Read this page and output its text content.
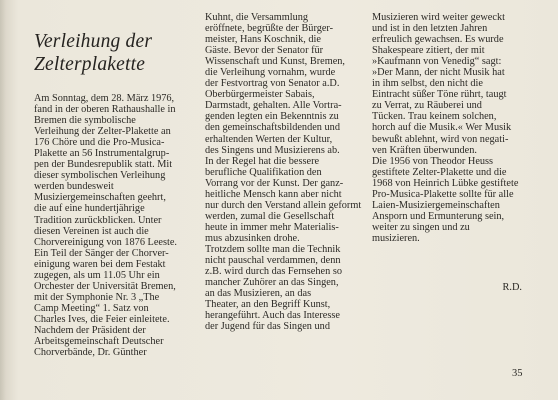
Verleihung der
Zelterplakette
Am Sonntag, dem 28. März 1976,
fand in der oberen Rathaushalle in
Bremen die symbolische
Verleihung der Zelter-Plakette an
176 Chöre und die Pro-Musica-
Plakette an 56 Instrumentalgrup-
pen der Bundesrepublik statt. Mit
dieser symbolischen Verleihung
werden bundesweit
Musiziergemeinschaften geehrt,
die auf eine hundertjährige
Tradition zurückblicken. Unter
diesen Vereinen ist auch die
Chorvereinigung von 1876 Leeste.
Ein Teil der Sänger der Chorver-
einigung waren bei dem Festakt
zugegen, als um 11.05 Uhr ein
Orchester der Universität Bremen,
mit der Symphonie Nr. 3 „The
Camp Meeting“ 1. Satz von
Charles Ives, die Feier einleitete.
Nachdem der Präsident der
Arbeitsgemeinschaft Deutscher
Chorverbände, Dr. Günther
Kuhnt, die Versammlung
eröffnete, begrüßte der Bürger-
meister, Hans Koschnik, die
Gäste. Bevor der Senator für
Wissenschaft und Kunst, Bremen,
die Verleihung vornahm, wurde
der Festvortrag von Senator a.D.
Oberbürgermeister Sabais,
Darmstadt, gehalten. Alle Vortra-
genden legten ein Bekenntnis zu
den gemeinschaftsbildenden und
erhaltenden Werten der Kultur,
des Singens und Musizierens ab.
In der Regel hat die bessere
berufliche Qualifikation den
Vorrang vor der Kunst. Der ganz-
heitliche Mensch kann aber nicht
nur durch den Verstand allein geformt
werden, zumal die Gesellschaft
heute in immer mehr Materialis-
mus abzusinken drohe.
Trotzdem sollte man die Technik
nicht pauschal verdammen, denn
z.B. wird durch das Fernsehen so
mancher Zuhörer an das Singen,
an das Musizieren, an das
Theater, an den Begriff Kunst,
herangeführt. Auch das Interesse
der Jugend für das Singen und
Musizieren wird weiter geweckt
und ist in den letzten Jahren
erfreulich gewachsen. Es wurde
Shakespeare zitiert, der mit
»Kaufmann von Venedig“ sagt:
»Der Mann, der nicht Musik hat
in ihm selbst, den nicht die
Eintracht süßer Töne rührt, taugt
zu Verrat, zu Räuberei und
Tücken. Trau keinem solchen,
horch auf die Musik.« Wer Musik
bewußt ablehnt, wird von negati-
ven Kräften überwunden.
Die 1956 von Theodor Heuss
gestiftete Zelter-Plakette und die
1968 von Heinrich Lübke gestiftete
Pro-Musica-Plakette sollte für alle
Laien-Musiziergemeinschaften
Ansporn und Ermunterung sein,
weiter zu singen und zu
musizieren.
R.D.
35
